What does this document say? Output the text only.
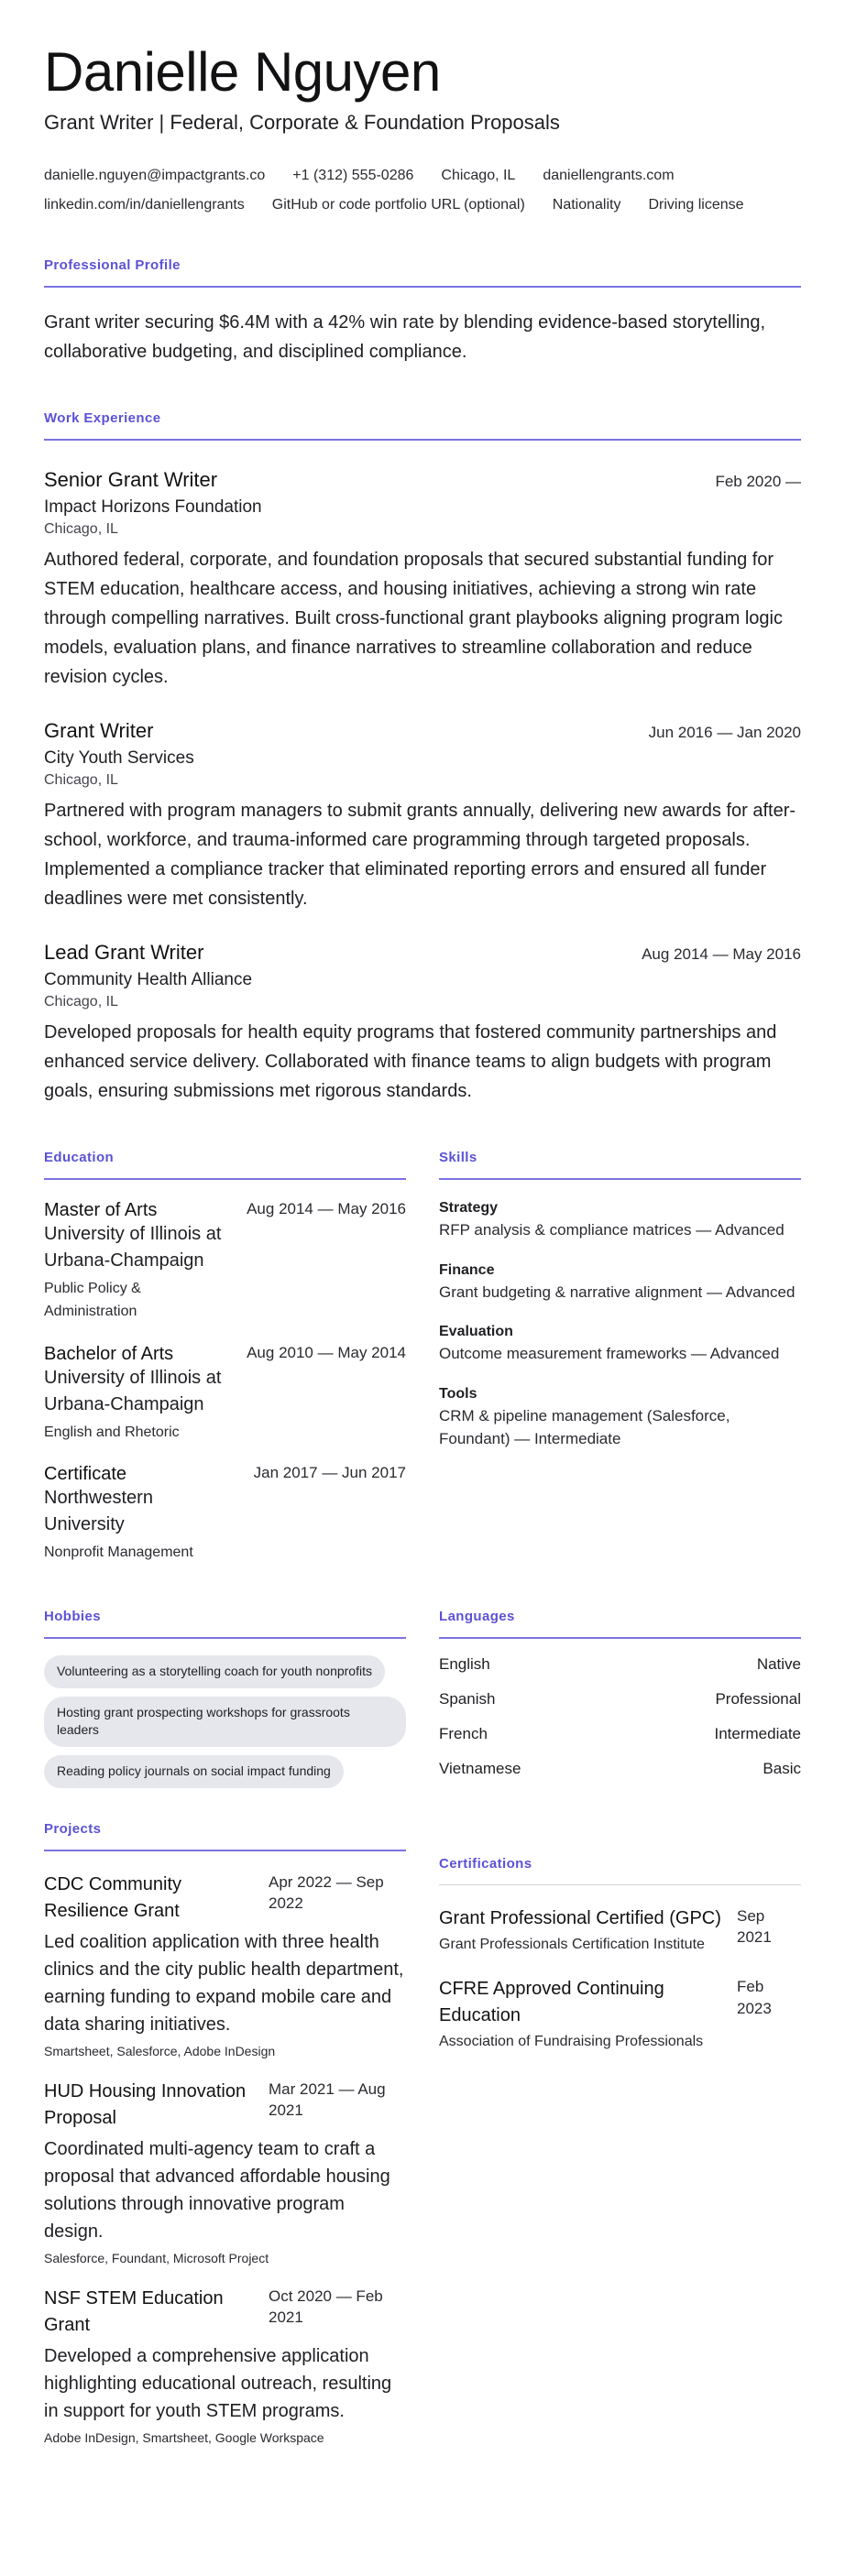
Danielle Nguyen
Grant Writer | Federal, Corporate & Foundation Proposals
danielle.nguyen@impactgrants.co +1 (312) 555-0286 Chicago, IL daniellengrants.com
linkedin.com/in/daniellengrants GitHub or code portfolio URL (optional) Nationality Driving license
Professional Profile

Grant writer securing $6.4M with a 42% win rate by blending evidence-based storytelling, collaborative budgeting, and disciplined compliance.

Work Experience
Senior Grant Writer	Feb 2020 —
Impact Horizons Foundation
Chicago, IL

Authored federal, corporate, and foundation proposals that secured substantial funding for STEM education, healthcare access, and housing initiatives, achieving a strong win rate through compelling narratives. Built cross-functional grant playbooks aligning program logic models, evaluation plans, and finance narratives to streamline collaboration and reduce revision cycles.

Grant Writer	Jun 2016 — Jan 2020
City Youth Services
Chicago, IL

Partnered with program managers to submit grants annually, delivering new awards for after-school, workforce, and trauma-informed care programming through targeted proposals. Implemented a compliance tracker that eliminated reporting errors and ensured all funder deadlines were met consistently.

Lead Grant Writer	Aug 2014 — May 2016
Community Health Alliance
Chicago, IL

Developed proposals for health equity programs that fostered community partnerships and enhanced service delivery. Collaborated with finance teams to align budgets with program goals, ensuring submissions met rigorous standards.

Education
Master of Arts
University of Illinois at Urbana-Champaign
Public Policy & Administration
Aug 2014 — May 2016
Bachelor of Arts
University of Illinois at Urbana-Champaign
English and Rhetoric
Aug 2010 — May 2014
Certificate
Northwestern University
Nonprofit Management
Jan 2017 — Jun 2017
Skills
Strategy
RFP analysis & compliance matrices — Advanced
Finance
Grant budgeting & narrative alignment — Advanced
Evaluation
Outcome measurement frameworks — Advanced
Tools
CRM & pipeline management (Salesforce, Foundant) — Intermediate
Hobbies
Volunteering as a storytelling coach for youth nonprofits
Hosting grant prospecting workshops for grassroots leaders
Reading policy journals on social impact funding
Languages
English	Native
Spanish	Professional
French	Intermediate
Vietnamese	Basic
Projects
CDC Community Resilience Grant
Apr 2022 — Sep 2022

Led coalition application with three health clinics and the city public health department, earning funding to expand mobile care and data sharing initiatives.

Smartsheet, Salesforce, Adobe InDesign
HUD Housing Innovation Proposal
Mar 2021 — Aug 2021

Coordinated multi-agency team to craft a proposal that advanced affordable housing solutions through innovative program design.

Salesforce, Foundant, Microsoft Project
NSF STEM Education Grant
Oct 2020 — Feb 2021

Developed a comprehensive application highlighting educational outreach, resulting in support for youth STEM programs.

Adobe InDesign, Smartsheet, Google Workspace
Certifications
Grant Professional Certified (GPC)
Grant Professionals Certification Institute
Sep 2021
CFRE Approved Continuing Education
Association of Fundraising Professionals
Feb 2023
